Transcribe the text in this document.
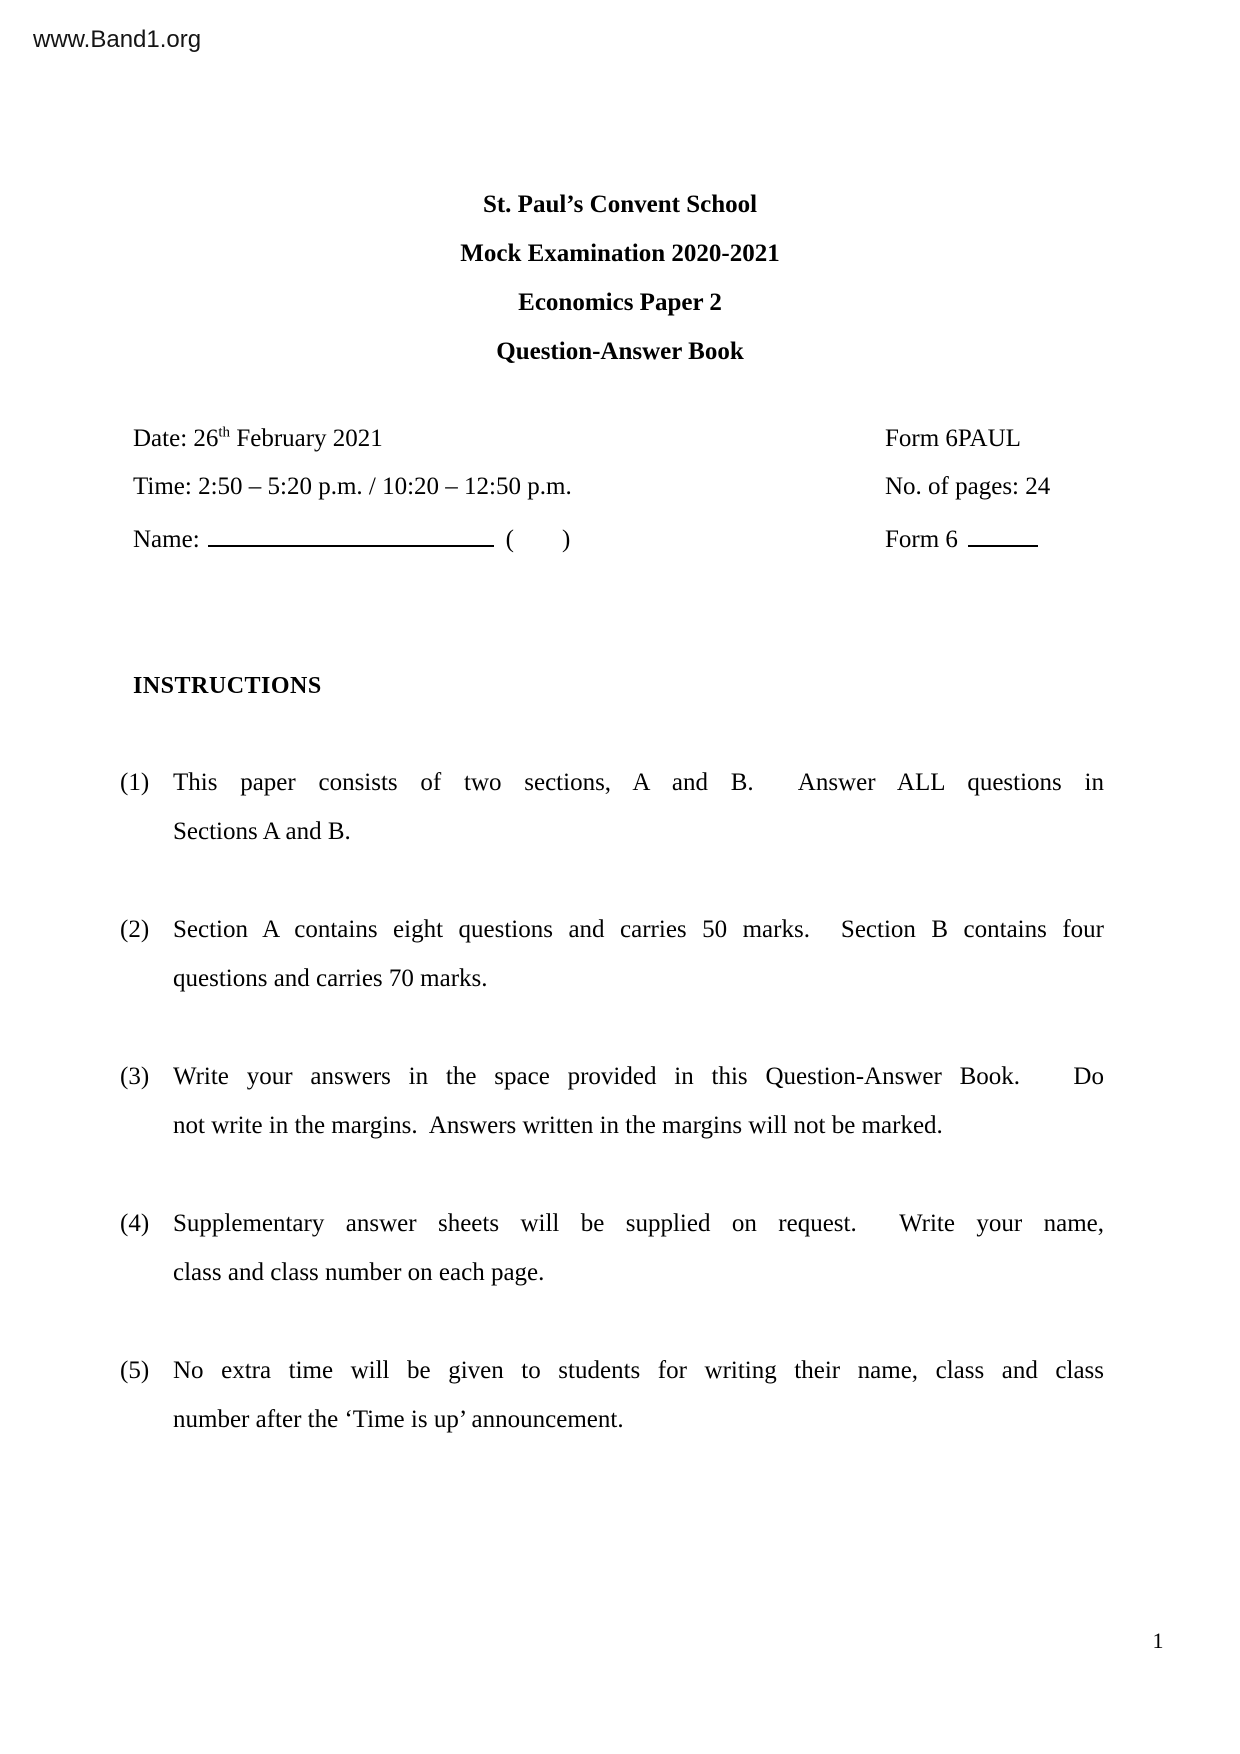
www.Band1.org
St. Paul’s Convent School
Mock Examination 2020-2021
Economics Paper 2
Question-Answer Book
Date: 26th February 2021
Time: 2:50 – 5:20 p.m. / 10:20 – 12:50 p.m.
Name:	( )
Form 6PAUL
No. of pages: 24
Form 6
INSTRUCTIONS
(1) This paper consists of two sections, A and B.  Answer ALL questions in
Sections A and B.
(2) Section A contains eight questions and carries 50 marks.  Section B contains four
questions and carries 70 marks.
(3) Write your answers in the space provided in this Question-Answer Book.   Do
not write in the margins.  Answers written in the margins will not be marked.
(4) Supplementary answer sheets will be supplied on request.  Write your name,
class and class number on each page.
(5) No extra time will be given to students for writing their name, class and class
number after the ‘Time is up’ announcement.
1
